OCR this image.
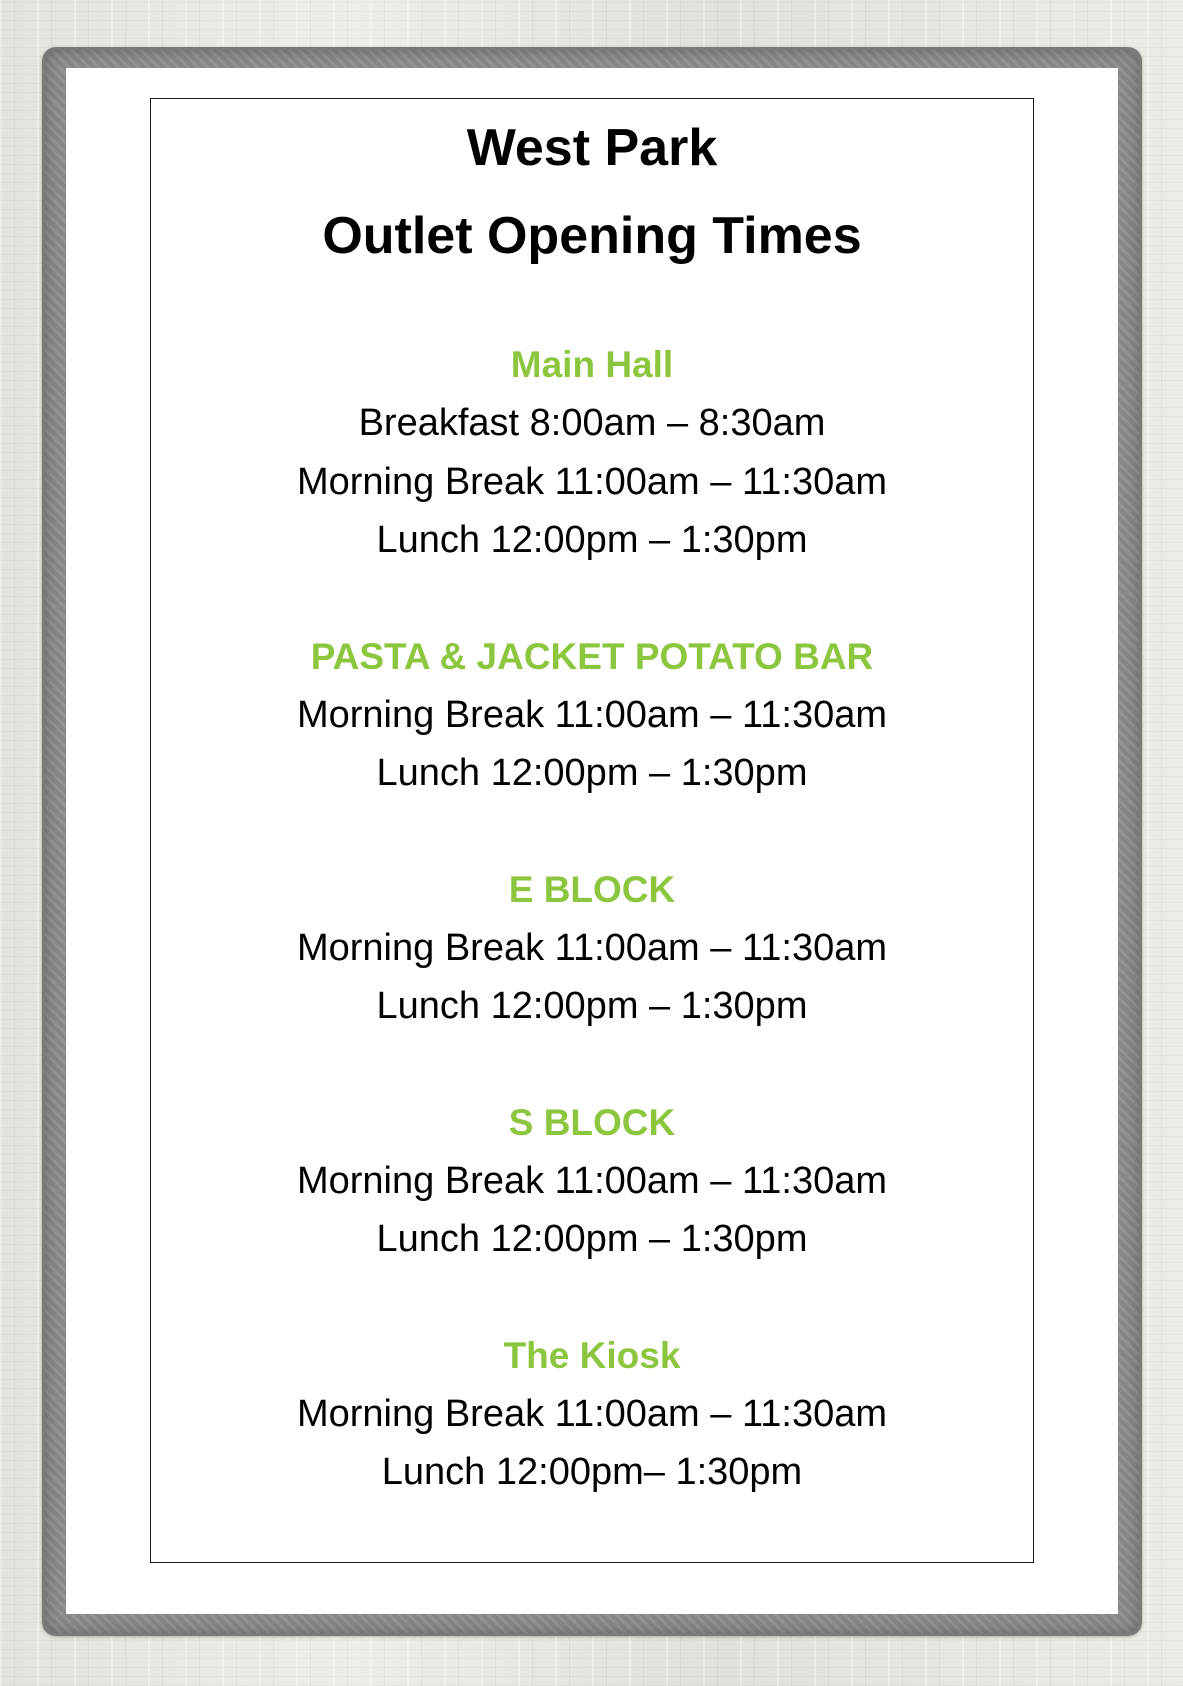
West Park

Outlet Opening Times

Main Hall

Breakfast 8:00am – 8:30am

Morning Break 11:00am – 11:30am

Lunch 12:00pm – 1:30pm

PASTA & JACKET POTATO BAR

Morning Break 11:00am – 11:30am

Lunch 12:00pm – 1:30pm

E BLOCK

Morning Break 11:00am – 11:30am

Lunch 12:00pm – 1:30pm

S BLOCK

Morning Break 11:00am – 11:30am

Lunch 12:00pm – 1:30pm

The Kiosk

Morning Break 11:00am – 11:30am

Lunch 12:00pm– 1:30pm
